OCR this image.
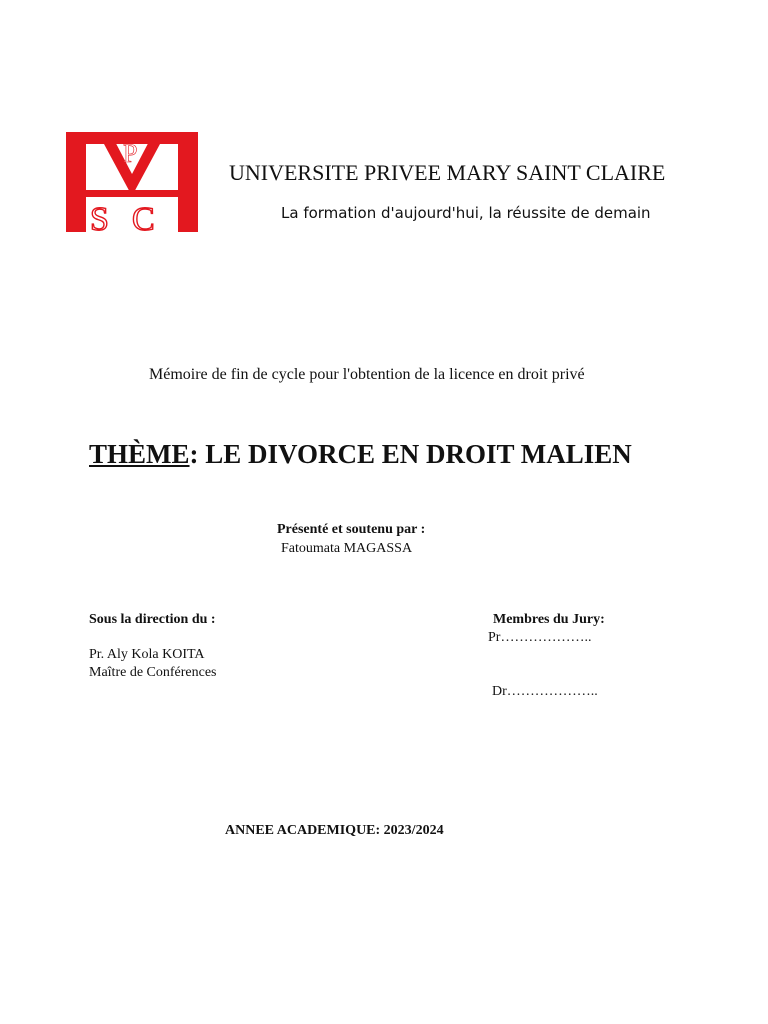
P
S C
UNIVERSITE PRIVEE MARY SAINT CLAIRE
La formation d'aujourd'hui, la réussite de demain
Mémoire de fin de cycle pour l'obtention de la licence en droit privé
THÈME: LE DIVORCE EN DROIT MALIEN
Présenté et soutenu par :
Fatoumata MAGASSA
Sous la direction du :
Pr. Aly Kola KOITA
Maître de Conférences
Membres du Jury:
Pr………………..
Dr………………..
ANNEE ACADEMIQUE: 2023/2024
